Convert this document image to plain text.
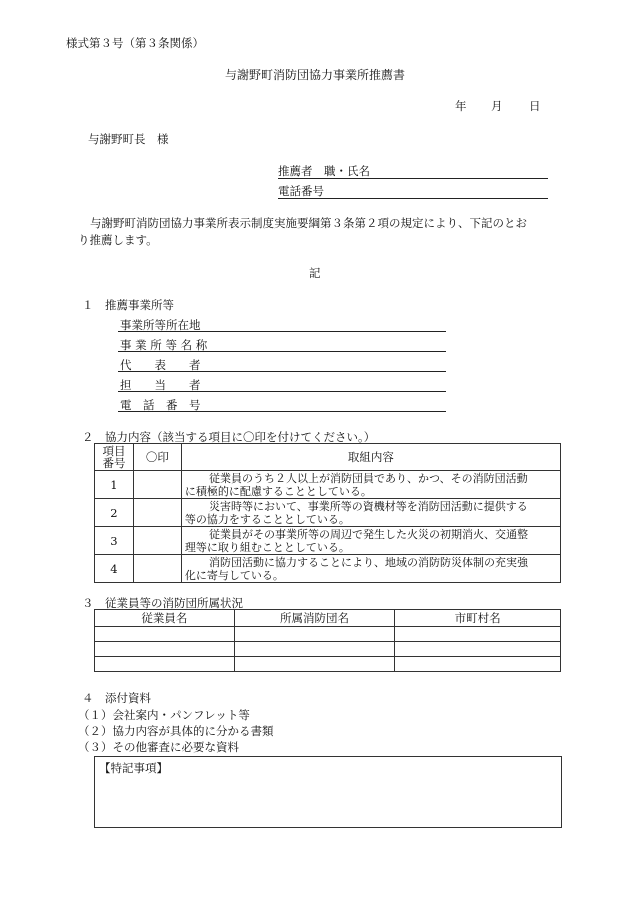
様式第３号（第３条関係）
与謝野町消防団協力事業所推薦書
年 月 日
与謝野町長　様
推薦者　職・氏名
電話番号
与謝野町消防団協力事業所表示制度実施要綱第３条第２項の規定により、下記のとお
り推薦します。
記
１　推薦事業所等
事業所等所在地
事 業 所 等 名 称
代　　表　　者
担　　当　　者
電　話　番　号
２　協力内容（該当する項目に〇印を付けてください。）
項目
番号	〇印	取組内容
1		従業員のうち２人以上が消防団員であり、かつ、その消防団活動
に積極的に配慮することとしている。
2		災害時等において、事業所等の資機材等を消防団活動に提供する
等の協力をすることとしている。
3		従業員がその事業所等の周辺で発生した火災の初期消火、交通整
理等に取り組むこととしている。
4		消防団活動に協力することにより、地域の消防防災体制の充実強
化に寄与している。
３　従業員等の消防団所属状況
従業員名	所属消防団名	市町村名

４　添付資料
（１）会社案内・パンフレット等
（２）協力内容が具体的に分かる書類
（３）その他審査に必要な資料
【特記事項】
